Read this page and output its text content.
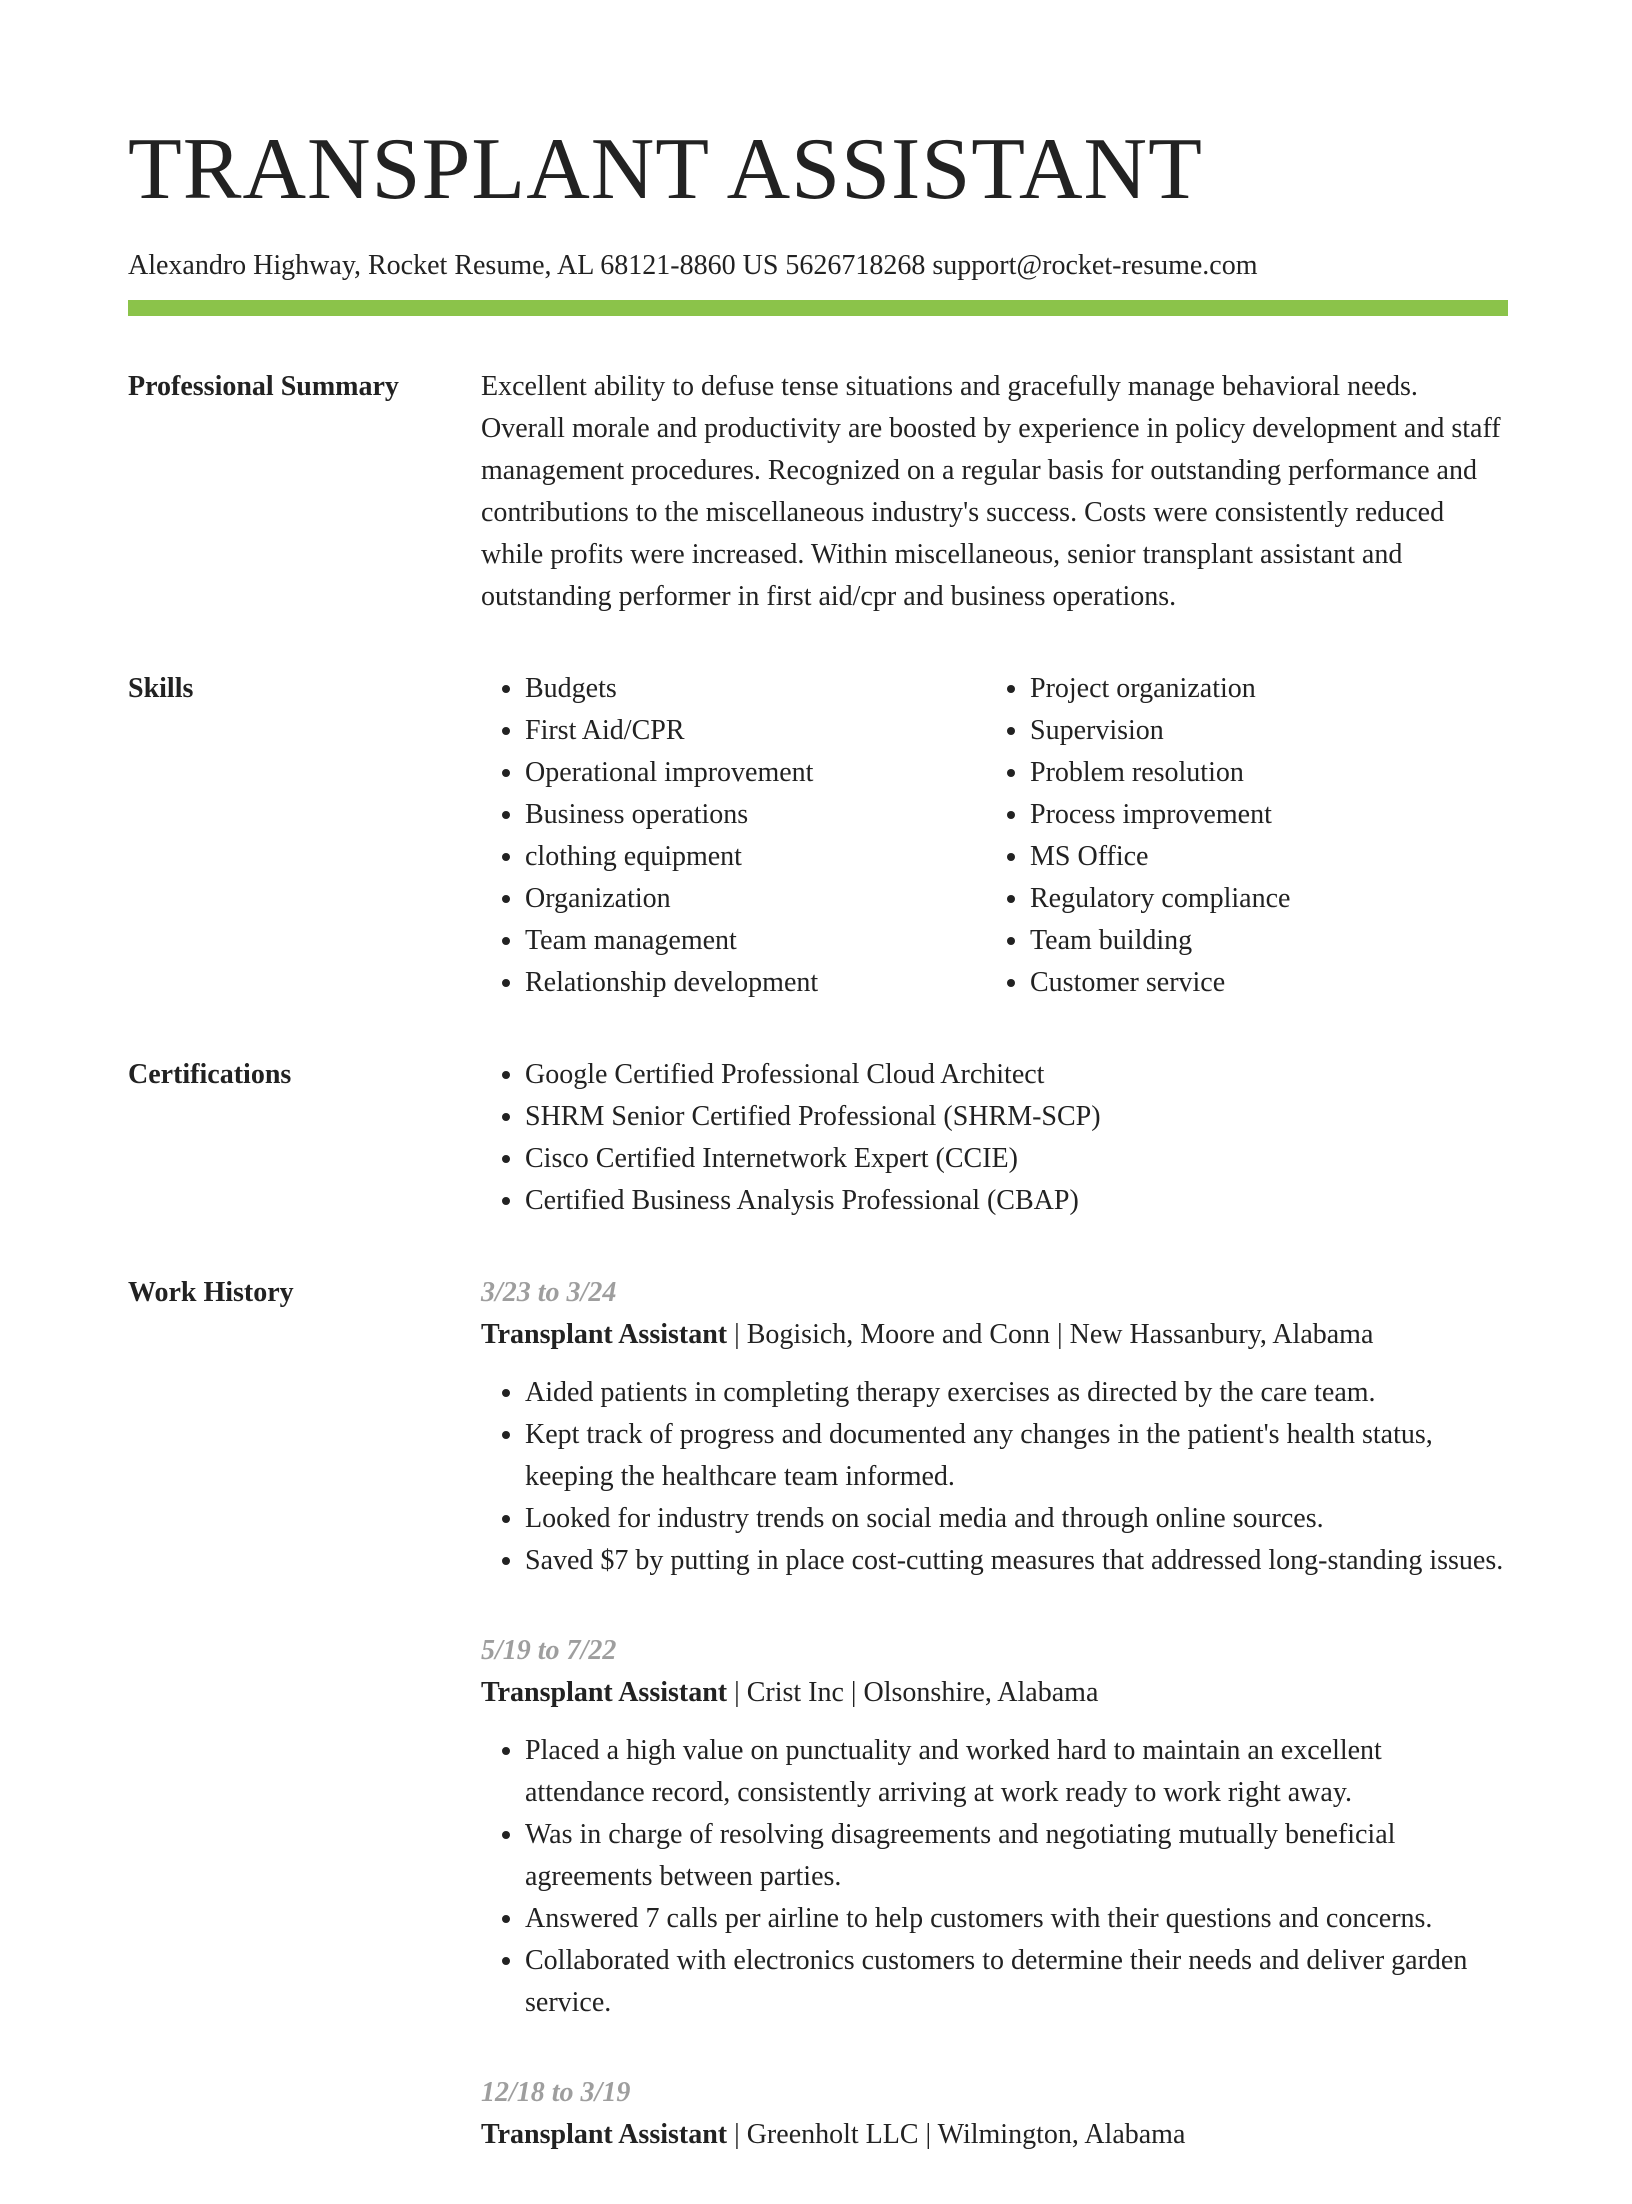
TRANSPLANT ASSISTANT
Alexandro Highway, Rocket Resume, AL 68121-8860 US 5626718268 support@rocket-resume.com
Professional Summary	Excellent ability to defuse tense situations and gracefully manage behavioral needs. Overall morale and productivity are boosted by experience in policy development and staff management procedures. Recognized on a regular basis for outstanding performance and contributions to the miscellaneous industry's success. Costs were consistently reduced while profits were increased. Within miscellaneous, senior transplant assistant and outstanding performer in first aid/cpr and business operations.

Skills	• Budgets
• First Aid/CPR
• Operational improvement
• Business operations
• clothing equipment
• Organization
• Team management
• Relationship development
• Project organization
• Supervision
• Problem resolution
• Process improvement
• MS Office
• Regulatory compliance
• Team building
• Customer service
Certifications	• Google Certified Professional Cloud Architect
• SHRM Senior Certified Professional (SHRM-SCP)
• Cisco Certified Internetwork Expert (CCIE)
• Certified Business Analysis Professional (CBAP)
Work History	3/23 to 3/24
Transplant Assistant | Bogisich, Moore and Conn | New Hassanbury, Alabama
• Aided patients in completing therapy exercises as directed by the care team.
• Kept track of progress and documented any changes in the patient's health status, keeping the healthcare team informed.
• Looked for industry trends on social media and through online sources.
• Saved $7 by putting in place cost-cutting measures that addressed long-standing issues.
5/19 to 7/22
Transplant Assistant | Crist Inc | Olsonshire, Alabama
• Placed a high value on punctuality and worked hard to maintain an excellent attendance record, consistently arriving at work ready to work right away.
• Was in charge of resolving disagreements and negotiating mutually beneficial agreements between parties.
• Answered 7 calls per airline to help customers with their questions and concerns.
• Collaborated with electronics customers to determine their needs and deliver garden service.
12/18 to 3/19
Transplant Assistant | Greenholt LLC | Wilmington, Alabama
